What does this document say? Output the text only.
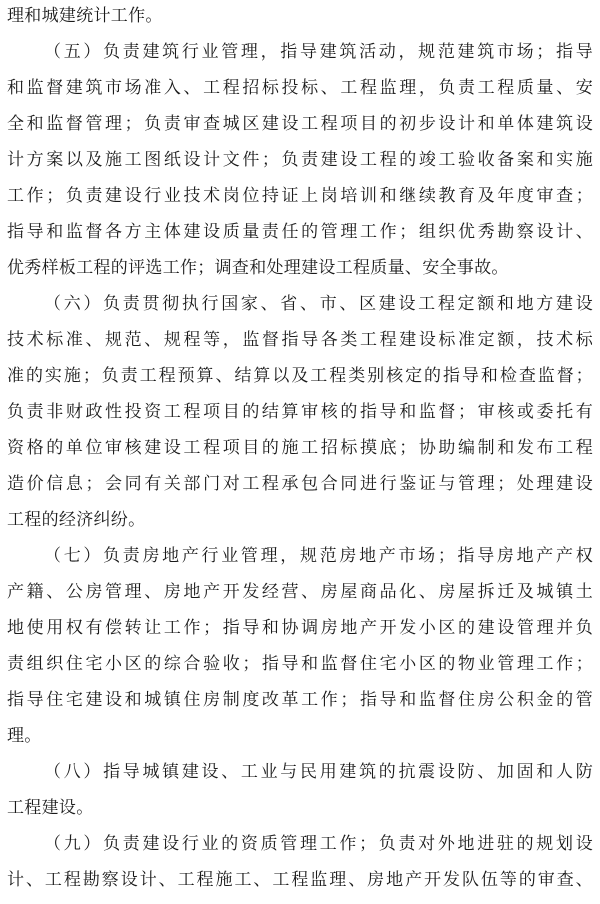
理和城建统计工作。
（五）负责建筑行业管理，指导建筑活动，规范建筑市场；指导
和监督建筑市场准入、工程招标投标、工程监理，负责工程质量、安
全和监督管理；负责审查城区建设工程项目的初步设计和单体建筑设
计方案以及施工图纸设计文件；负责建设工程的竣工验收备案和实施
工作；负责建设行业技术岗位持证上岗培训和继续教育及年度审查；
指导和监督各方主体建设质量责任的管理工作；组织优秀勘察设计、
优秀样板工程的评选工作；调查和处理建设工程质量、安全事故。
（六）负责贯彻执行国家、省、市、区建设工程定额和地方建设
技术标准、规范、规程等，监督指导各类工程建设标准定额，技术标
准的实施；负责工程预算、结算以及工程类别核定的指导和检查监督；
负责非财政性投资工程项目的结算审核的指导和监督；审核或委托有
资格的单位审核建设工程项目的施工招标摸底；协助编制和发布工程
造价信息；会同有关部门对工程承包合同进行鉴证与管理；处理建设
工程的经济纠纷。
（七）负责房地产行业管理，规范房地产市场；指导房地产产权
产籍、公房管理、房地产开发经营、房屋商品化、房屋拆迁及城镇土
地使用权有偿转让工作；指导和协调房地产开发小区的建设管理并负
责组织住宅小区的综合验收；指导和监督住宅小区的物业管理工作；
指导住宅建设和城镇住房制度改革工作；指导和监督住房公积金的管
理。
（八）指导城镇建设、工业与民用建筑的抗震设防、加固和人防
工程建设。
（九）负责建设行业的资质管理工作；负责对外地进驻的规划设
计、工程勘察设计、工程施工、工程监理、房地产开发队伍等的审查、
